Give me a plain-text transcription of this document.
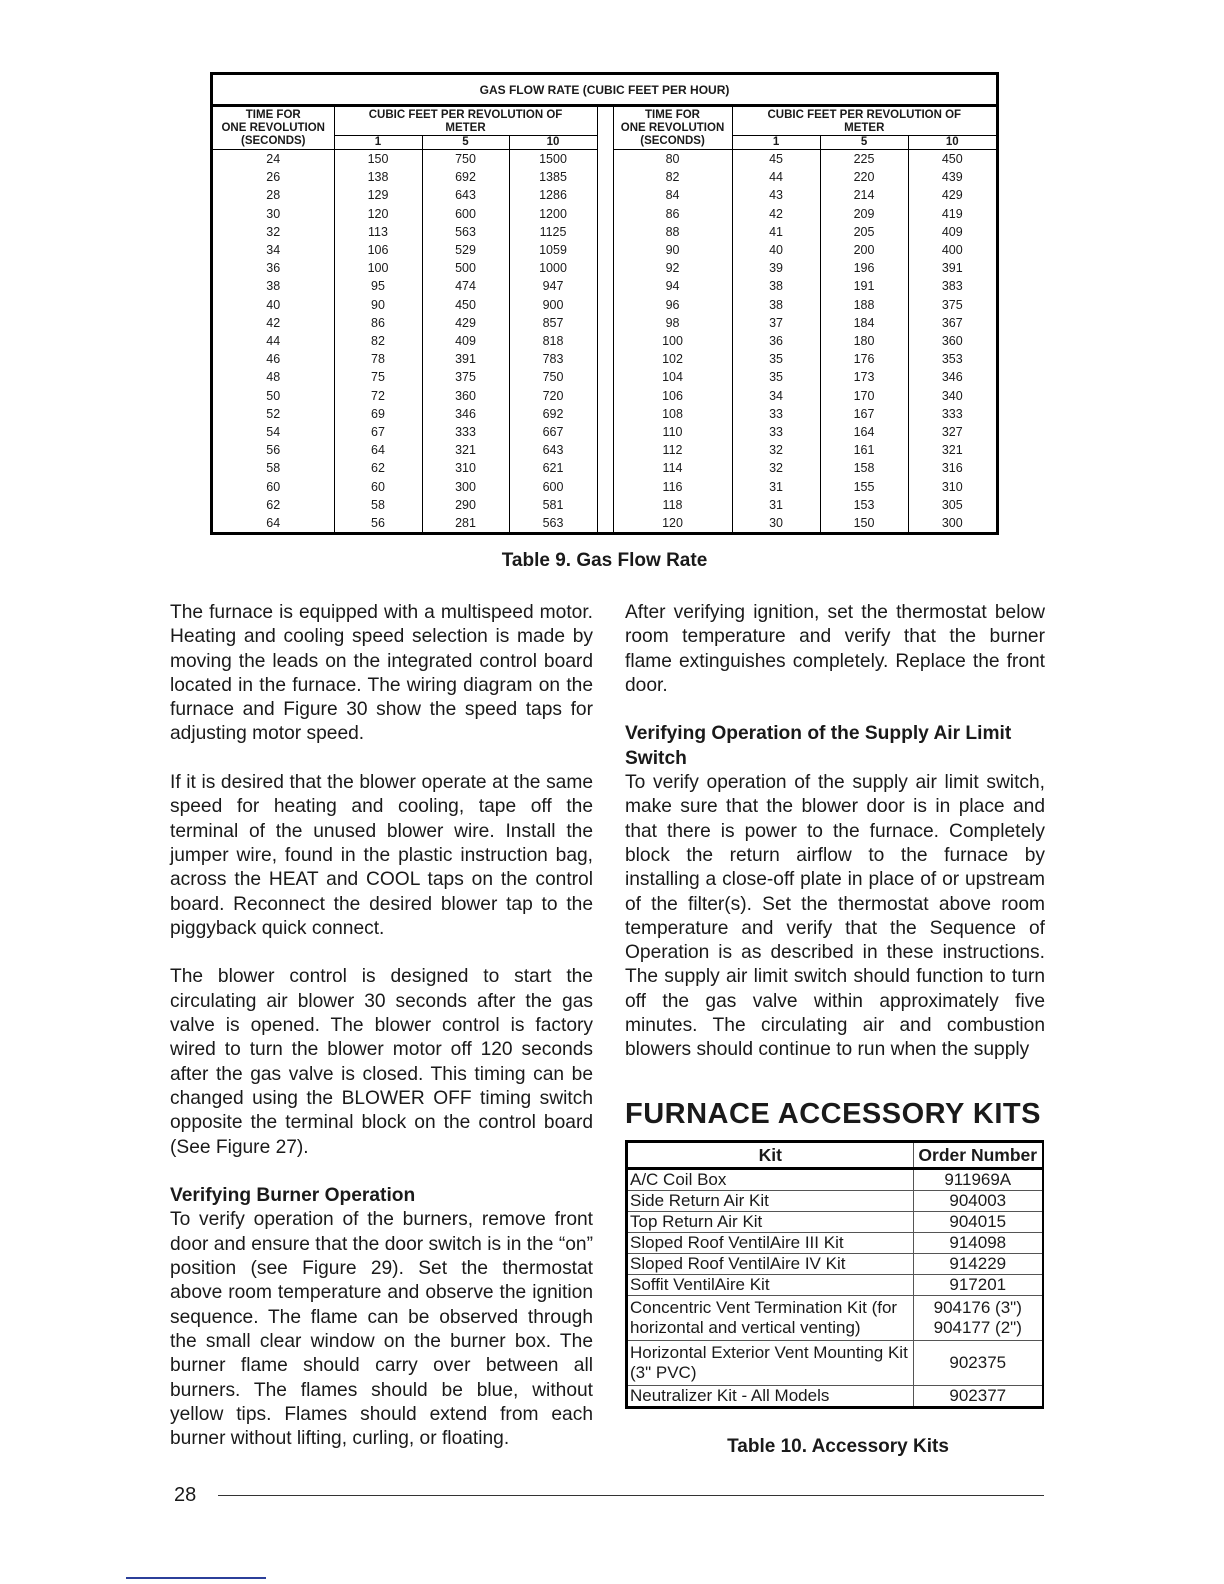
GAS FLOW RATE (CUBIC FEET PER HOUR)
TIME FOR
ONE REVOLUTION
(SECONDS)

CUBIC FEET PER REVOLUTION OF
METER

TIME FOR
ONE REVOLUTION
(SECONDS)

CUBIC FEET PER REVOLUTION OF
METER

	1	5	10			1	5	10

24	150	750	1500		80	45	225	450
26	138	692	1385		82	44	220	439
28	129	643	1286		84	43	214	429
30	120	600	1200		86	42	209	419
32	113	563	1125		88	41	205	409
34	106	529	1059		90	40	200	400
36	100	500	1000		92	39	196	391
38	95	474	947		94	38	191	383
40	90	450	900		96	38	188	375
42	86	429	857		98	37	184	367
44	82	409	818		100	36	180	360
46	78	391	783		102	35	176	353
48	75	375	750		104	35	173	346
50	72	360	720		106	34	170	340
52	69	346	692		108	33	167	333
54	67	333	667		110	33	164	327
56	64	321	643		112	32	161	321
58	62	310	621		114	32	158	316
60	60	300	600		116	31	155	310
62	58	290	581		118	31	153	305
64	56	281	563		120	30	150	300
Table 9. Gas Flow Rate

The furnace is equipped with a multispeed motor. Heating and cooling speed selection is made by moving the leads on the integrated control board located in the furnace. The wiring diagram on the furnace and Figure 30 show the speed taps for adjusting motor speed.

If it is desired that the blower operate at the same speed for heating and cooling, tape off the terminal of the unused blower wire. Install the jumper wire, found in the plastic instruction bag, across the HEAT and COOL taps on the control board. Reconnect the desired blower tap to the piggyback quick connect.

The blower control is designed to start the circulating air blower 30 seconds after the gas valve is opened. The blower control is factory wired to turn the blower motor off 120 seconds after the gas valve is closed. This timing can be changed using the BLOWER OFF timing switch opposite the terminal block on the control board (See Figure 27).

Verifying Burner Operation

To verify operation of the burners, remove front door and ensure that the door switch is in the “on” position (see Figure 29). Set the thermostat above room temperature and observe the ignition sequence. The flame can be observed through the small clear window on the burner box. The burner flame should carry over between all burners. The flames should be blue, without yellow tips. Flames should extend from each burner without lifting, curling, or floating.

After verifying ignition, set the thermostat below room temperature and verify that the burner flame extinguishes completely. Replace the front door.

Verifying Operation of the Supply Air Limit Switch

To verify operation of the supply air limit switch, make sure that the blower door is in place and that there is power to the furnace. Completely block the return airflow to the furnace by installing a close-off plate in place of or upstream of the filter(s). Set the thermostat above room temperature and verify that the Sequence of Operation is as described in these instructions. The supply air limit switch should function to turn off the gas valve within approximately five minutes. The circulating air and combustion blowers should continue to run when the supply

FURNACE ACCESSORY KITS
Kit	Order Number
A/C Coil Box	911969A
Side Return Air Kit	904003
Top Return Air Kit	904015
Sloped Roof VentilAire III Kit	914098
Sloped Roof VentilAire IV Kit	914229
Soffit VentilAire Kit	917201
Concentric Vent Termination Kit (for horizontal and vertical venting)	904176 (3") 904177 (2")
Horizontal Exterior Vent Mounting Kit (3" PVC)	902375
Neutralizer Kit - All Models	902377
Table 10. Accessory Kits
28
